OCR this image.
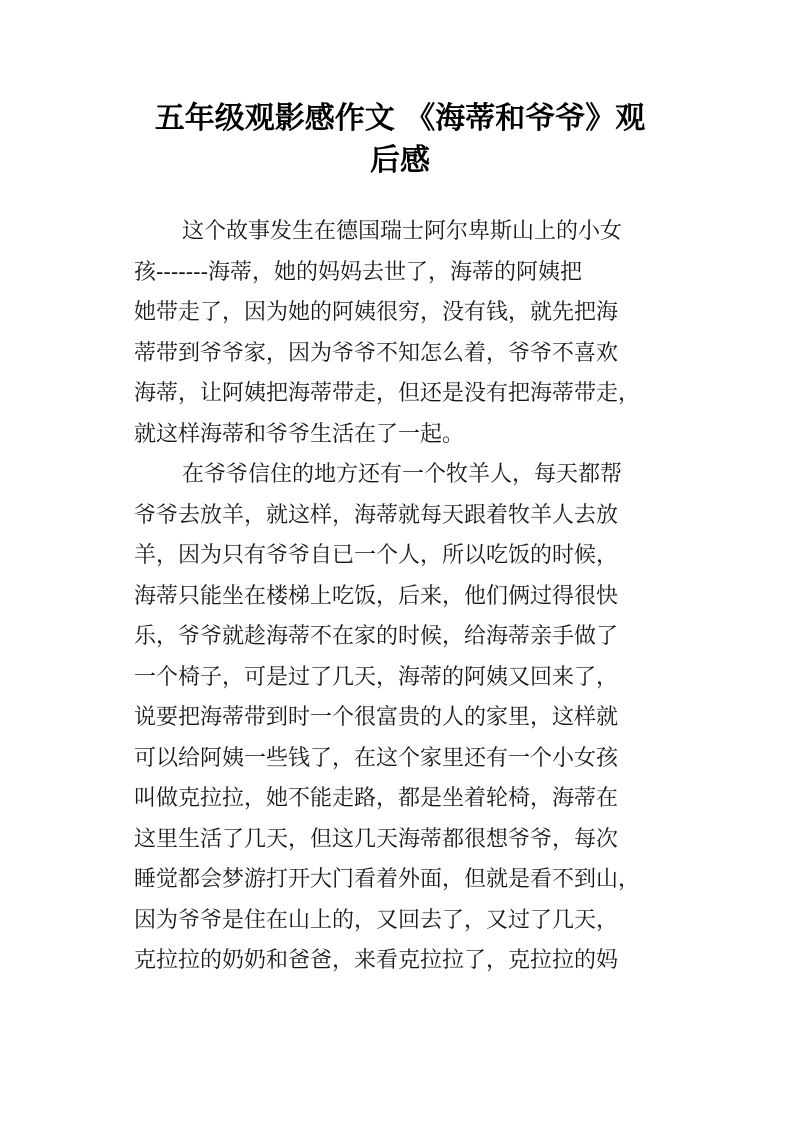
五年级观影感作文 《海蒂和爷爷》观
后感
这个故事发生在德国瑞士阿尔卑斯山上的小女
孩-------海蒂，她的妈妈去世了，海蒂的阿姨把
她带走了，因为她的阿姨很穷，没有钱，就先把海
蒂带到爷爷家，因为爷爷不知怎么着，爷爷不喜欢
海蒂，让阿姨把海蒂带走，但还是没有把海蒂带走，
就这样海蒂和爷爷生活在了一起。
在爷爷信住的地方还有一个牧羊人，每天都帮
爷爷去放羊，就这样，海蒂就每天跟着牧羊人去放
羊，因为只有爷爷自已一个人，所以吃饭的时候，
海蒂只能坐在楼梯上吃饭，后来，他们俩过得很快
乐，爷爷就趁海蒂不在家的时候，给海蒂亲手做了
一个椅子，可是过了几天，海蒂的阿姨又回来了，
说要把海蒂带到时一个很富贵的人的家里，这样就
可以给阿姨一些钱了，在这个家里还有一个小女孩
叫做克拉拉，她不能走路，都是坐着轮椅，海蒂在
这里生活了几天，但这几天海蒂都很想爷爷，每次
睡觉都会梦游打开大门看着外面，但就是看不到山，
因为爷爷是住在山上的，又回去了，又过了几天，
克拉拉的奶奶和爸爸，来看克拉拉了，克拉拉的妈
